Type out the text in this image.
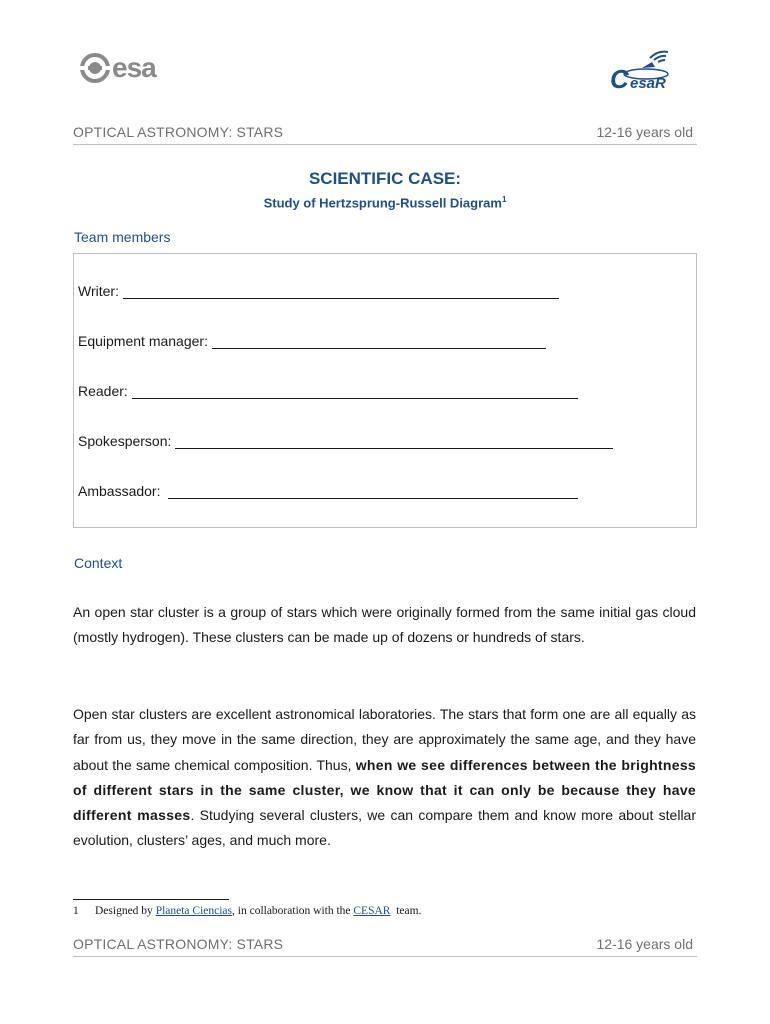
esa	C esaR
OPTICAL ASTRONOMY: STARS	12-16 years old
SCIENTIFIC CASE:
Study of Hertzsprung-Russell Diagram$^1$
Team members
Writer:
Equipment manager:
Reader:
Spokesperson:
Ambassador:
Context
An open star cluster is a group of stars which were originally formed from the same initial gas cloud (mostly hydrogen). These clusters can be made up of dozens or hundreds of stars.
Open star clusters are excellent astronomical laboratories. The stars that form one are all equally as far from us, they move in the same direction, they are approximately the same age, and they have about the same chemical composition. Thus, when we see differences between the brightness of different stars in the same cluster, we know that it can only be because they have different masses. Studying several clusters, we can compare them and know more about stellar evolution, clusters’ ages, and much more.
1 Designed by Planeta Ciencias, in collaboration with the CESAR team.
OPTICAL ASTRONOMY: STARS	12-16 years old
